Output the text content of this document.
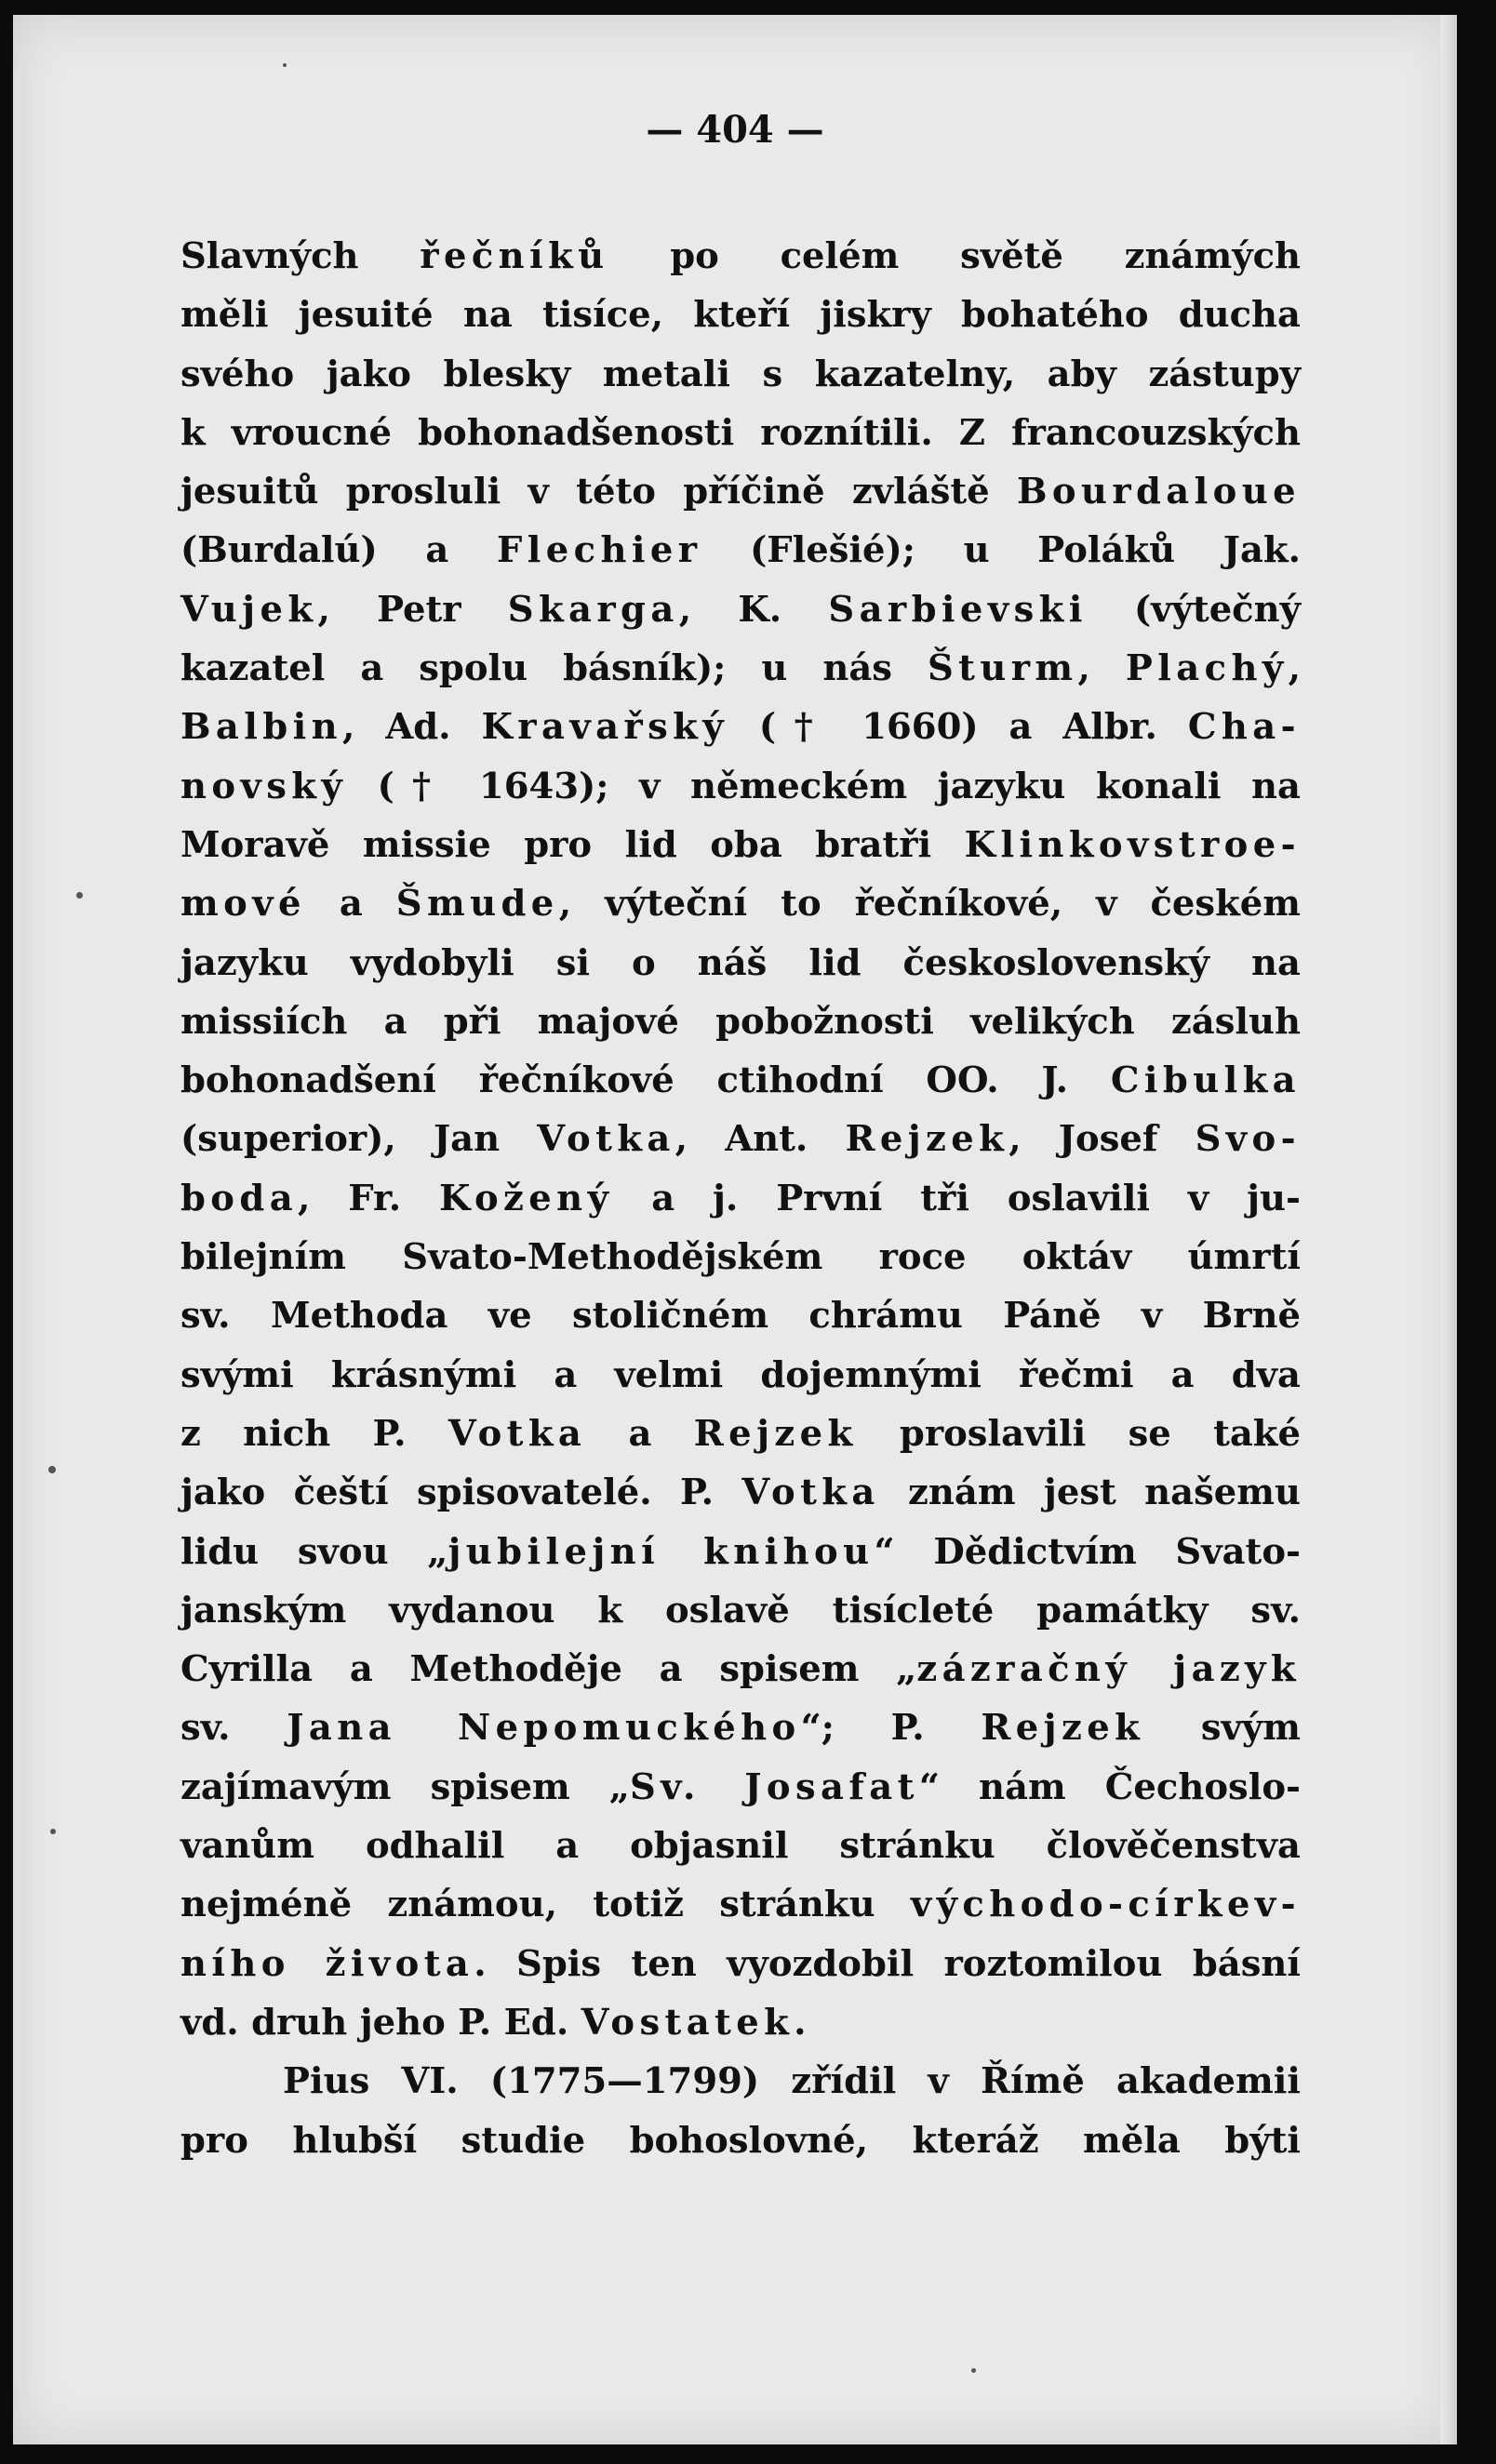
— 404 —
Slavných řečníků po celém světě známých
měli jesuité na tisíce, kteří jiskry bohatého ducha
svého jako blesky metali s kazatelny, aby zástupy
k vroucné bohonadšenosti roznítili. Z francouzských
jesuitů prosluli v této příčině zvláště Bourdaloue
(Burdalú) a Flechier (Flešié); u Poláků Jak.
Vujek, Petr Skarga, K. Sarbievski (výtečný
kazatel a spolu básník); u nás Šturm, Plachý,
Balbin, Ad. Kravařský († 1660) a Albr. Cha-
novský († 1643); v německém jazyku konali na
Moravě missie pro lid oba bratři Klinkovstroe-
mové a Šmude, výteční to řečníkové, v českém
jazyku vydobyli si o náš lid československý na
missiích a při majové pobožnosti velikých zásluh
bohonadšení řečníkové ctihodní OO. J. Cibulka
(superior), Jan Votka, Ant. Rejzek, Josef Svo-
boda, Fr. Kožený a j. První tři oslavili v ju-
bilejním Svato-Methodějském roce oktáv úmrtí
sv. Methoda ve stoličném chrámu Páně v Brně
svými krásnými a velmi dojemnými řečmi a dva
z nich P. Votka a Rejzek proslavili se také
jako čeští spisovatelé. P. Votka znám jest našemu
lidu svou „jubilejní knihou“ Dědictvím Svato-
janským vydanou k oslavě tisícleté památky sv.
Cyrilla a Methoděje a spisem „zázračný jazyk
sv. Jana Nepomuckého“; P. Rejzek svým
zajímavým spisem „Sv. Josafat“ nám Čechoslo-
vanům odhalil a objasnil stránku člověčenstva
nejméně známou, totiž stránku východo-církev-
ního života. Spis ten vyozdobil roztomilou básní
vd. druh jeho P. Ed. Vostatek.
Pius VI. (1775—1799) zřídil v Římě akademii
pro hlubší studie bohoslovné, kteráž měla býti
